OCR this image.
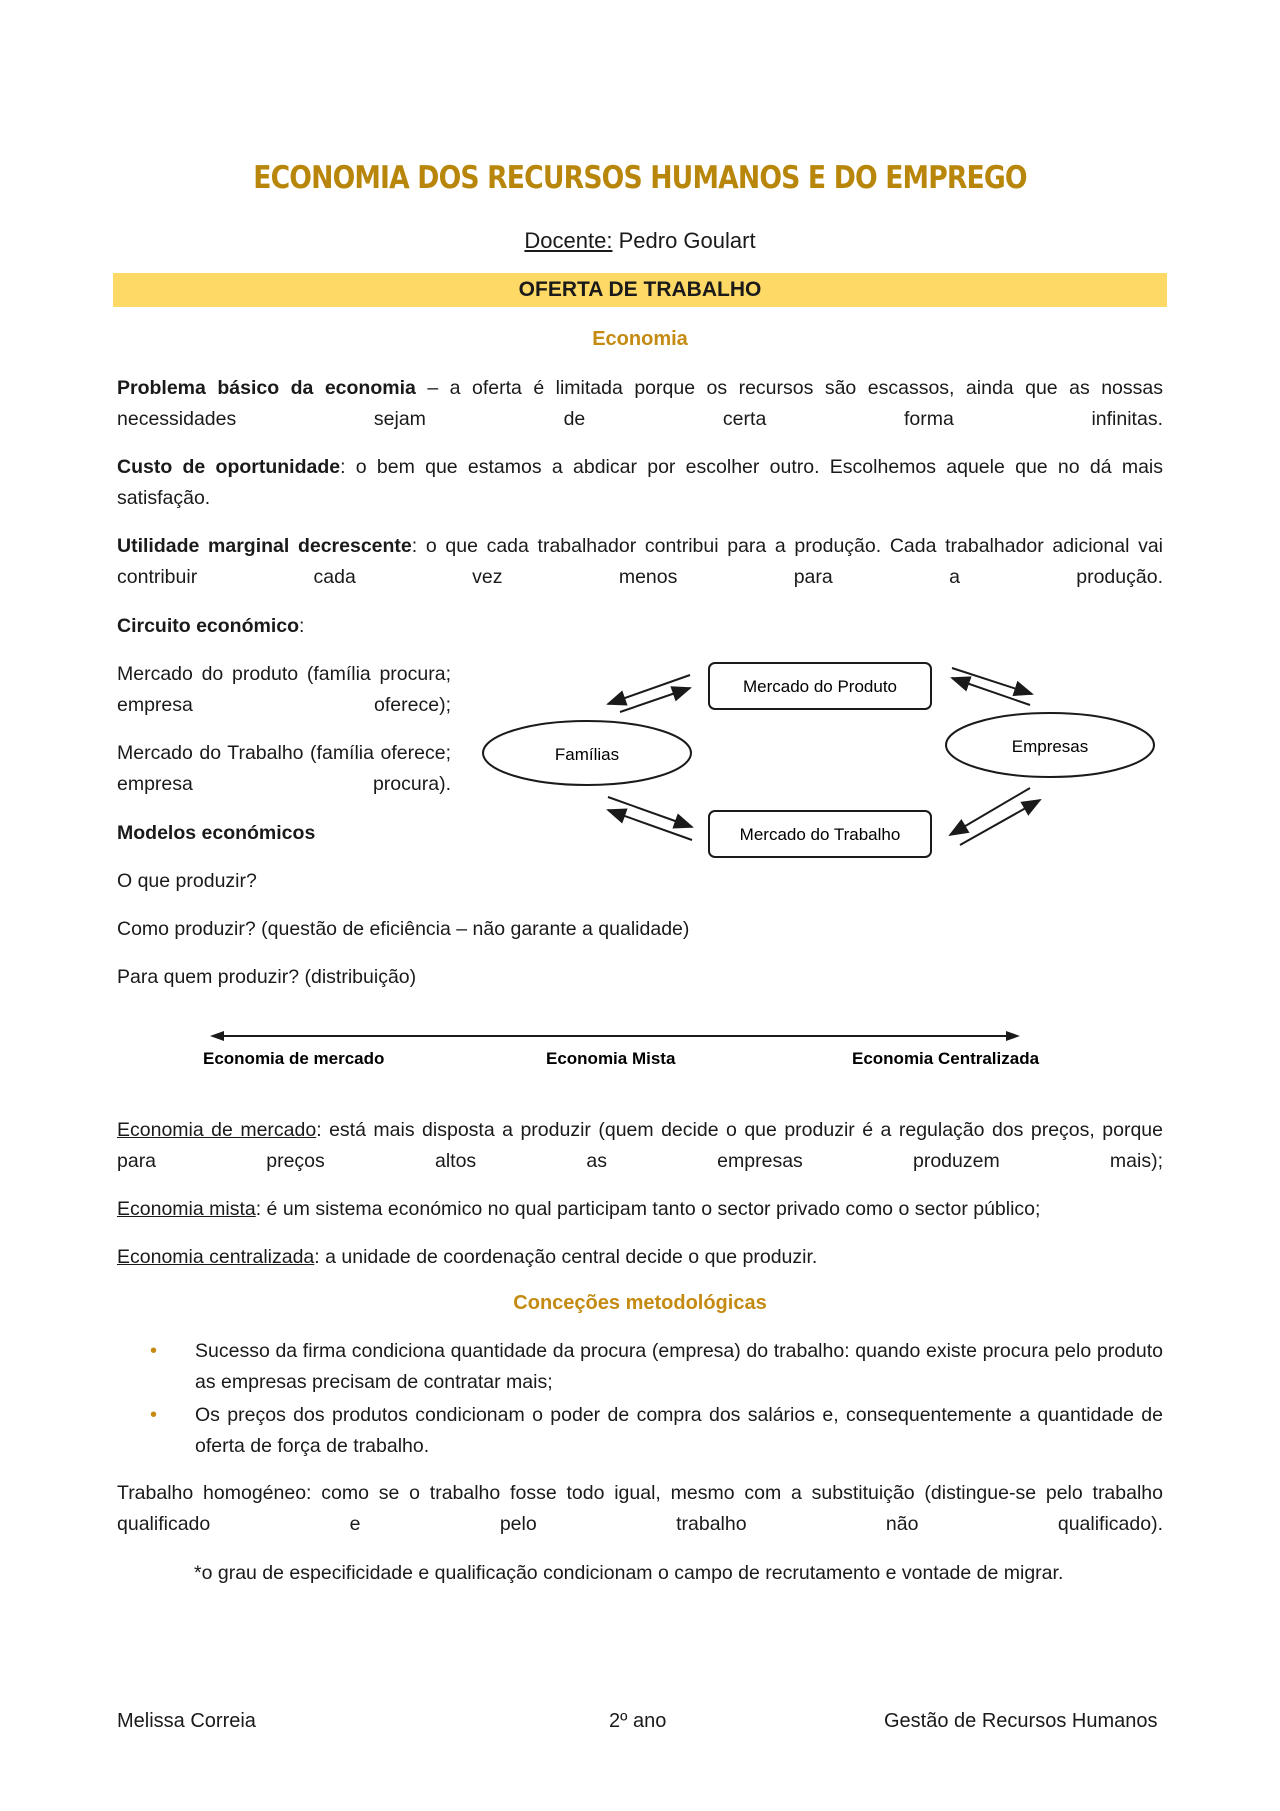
ECONOMIA DOS RECURSOS HUMANOS E DO EMPREGO
Docente: Pedro Goulart
OFERTA DE TRABALHO
Economia
Problema básico da economia – a oferta é limitada porque os recursos são escassos, ainda que as nossas necessidades sejam de certa forma infinitas.
Custo de oportunidade: o bem que estamos a abdicar por escolher outro. Escolhemos aquele que no dá mais satisfação.
Utilidade marginal decrescente: o que cada trabalhador contribui para a produção. Cada trabalhador adicional vai contribuir cada vez menos para a produção.
Circuito económico:
Mercado do produto (família procura; empresa oferece);
Mercado do Trabalho (família oferece; empresa procura).
Modelos económicos
O que produzir?
Como produzir? (questão de eficiência – não garante a qualidade)
Para quem produzir? (distribuição)
Famílias	Empresas
Mercado do Produto
Mercado do Trabalho
Economia de mercado	Economia Mista	Economia Centralizada
Economia de mercado: está mais disposta a produzir (quem decide o que produzir é a regulação dos preços, porque para preços altos as empresas produzem mais);
Economia mista: é um sistema económico no qual participam tanto o sector privado como o sector público;
Economia centralizada: a unidade de coordenação central decide o que produzir.
Conceções metodológicas
• Sucesso da firma condiciona quantidade da procura (empresa) do trabalho: quando existe procura pelo produto as empresas precisam de contratar mais;
• Os preços dos produtos condicionam o poder de compra dos salários e, consequentemente a quantidade de oferta de força de trabalho.
Trabalho homogéneo: como se o trabalho fosse todo igual, mesmo com a substituição (distingue-se pelo trabalho qualificado e pelo trabalho não qualificado).
*o grau de especificidade e qualificação condicionam o campo de recrutamento e vontade de migrar.
Melissa Correia	2º ano	Gestão de Recursos Humanos
